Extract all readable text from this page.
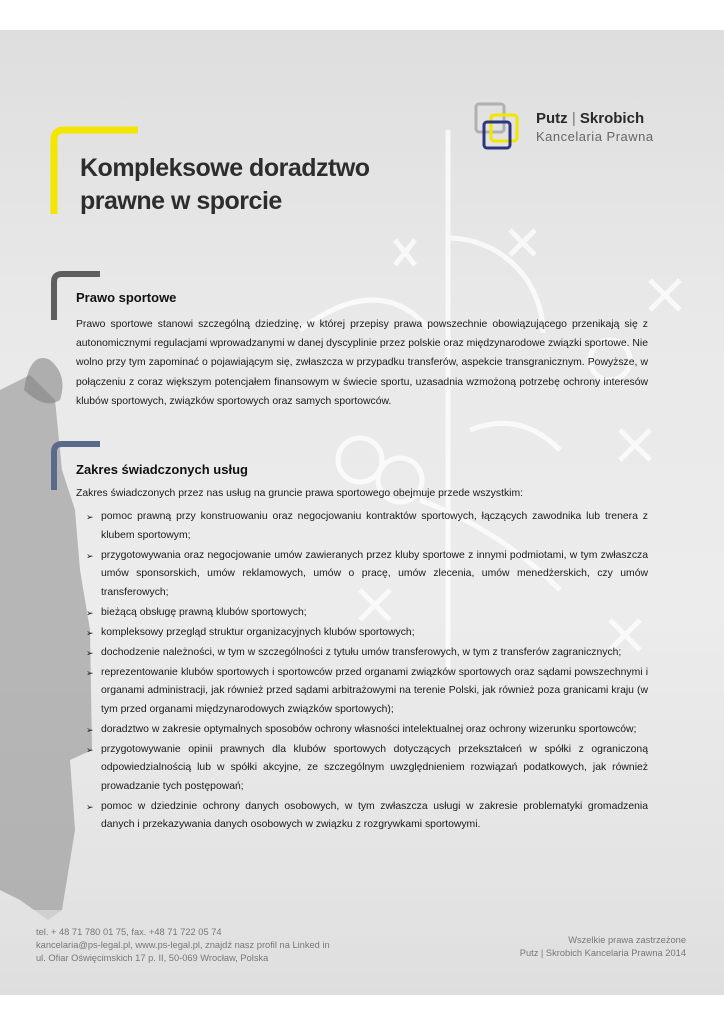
Putz | Skrobich
Kancelaria Prawna
Kompleksowe doradztwo
prawne w sporcie
Prawo sportowe
Prawo sportowe stanowi szczególną dziedzinę, w której przepisy prawa powszechnie obowiązującego przenikają się z autonomicznymi regulacjami wprowadzanymi w danej dyscyplinie przez polskie oraz międzynarodowe związki sportowe. Nie wolno przy tym zapominać o pojawiającym się, zwłaszcza w przypadku transferów, aspekcie transgranicznym. Powyższe, w połączeniu z coraz większym potencjałem finansowym w świecie sportu, uzasadnia wzmożoną potrzebę ochrony interesów klubów sportowych, związków sportowych oraz samych sportowców.
Zakres świadczonych usług
Zakres świadczonych przez nas usług na gruncie prawa sportowego obejmuje przede wszystkim:
➢ pomoc prawną przy konstruowaniu oraz negocjowaniu kontraktów sportowych, łączących zawodnika lub trenera z klubem sportowym;
➢ przygotowywania oraz negocjowanie umów zawieranych przez kluby sportowe z innymi podmiotami, w tym zwłaszcza umów sponsorskich, umów reklamowych, umów o pracę, umów zlecenia, umów menedżerskich, czy umów transferowych;
➢ bieżącą obsługę prawną klubów sportowych;
➢ kompleksowy przegląd struktur organizacyjnych klubów sportowych;
➢ dochodzenie należności, w tym w szczególności z tytułu umów transferowych, w tym z transferów zagranicznych;
➢ reprezentowanie klubów sportowych i sportowców przed organami związków sportowych oraz sądami powszechnymi i organami administracji, jak również przed sądami arbitrażowymi na terenie Polski, jak również poza granicami kraju (w tym przed organami międzynarodowych związków sportowych);
➢ doradztwo w zakresie optymalnych sposobów ochrony własności intelektualnej oraz ochrony wizerunku sportowców;
➢ przygotowywanie opinii prawnych dla klubów sportowych dotyczących przekształceń w spółki z ograniczoną odpowiedzialnością lub w spółki akcyjne, ze szczególnym uwzględnieniem rozwiązań podatkowych, jak również prowadzanie tych postępowań;
➢ pomoc w dziedzinie ochrony danych osobowych, w tym zwłaszcza usługi w zakresie problematyki gromadzenia danych i przekazywania danych osobowych w związku z rozgrywkami sportowymi.
tel. + 48 71 780 01 75, fax. +48 71 722 05 74
kancelaria@ps-legal.pl, www.ps-legal.pl, znajdź nasz profil na Linked in
ul. Ofiar Oświęcimskich 17 p. II, 50-069 Wrocław, Polska
Wszelkie prawa zastrzeżone
Putz | Skrobich Kancelaria Prawna 2014
